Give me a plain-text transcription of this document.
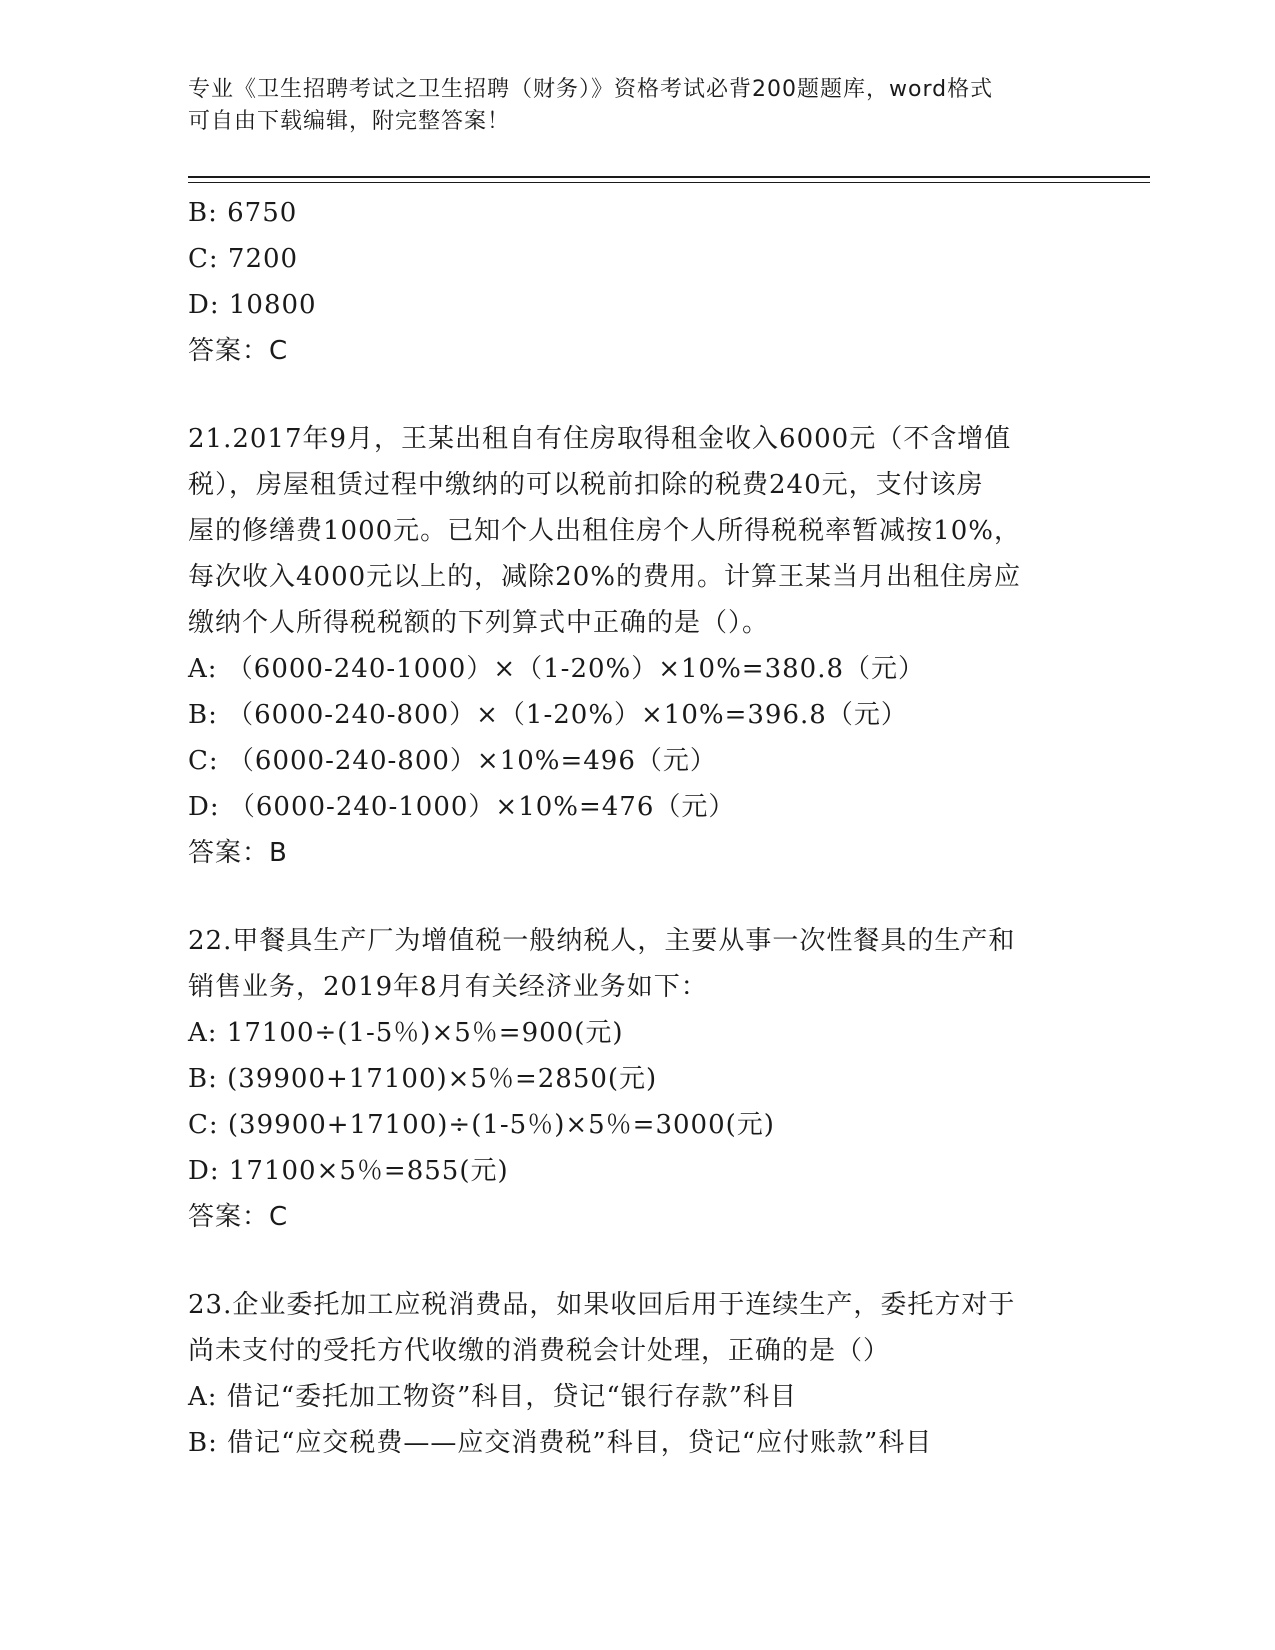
专业《卫生招聘考试之卫生招聘（财务）》资格考试必背200题题库，word格式
可自由下载编辑，附完整答案！
B: 6750
C: 7200
D: 10800
答案：C
21.2017年9月，王某出租自有住房取得租金收入6000元（不含增值
税），房屋租赁过程中缴纳的可以税前扣除的税费240元，支付该房
屋的修缮费1000元。已知个人出租住房个人所得税税率暂减按10%，
每次收入4000元以上的，减除20%的费用。计算王某当月出租住房应
缴纳个人所得税税额的下列算式中正确的是（）。
A: （6000-240-1000）×（1-20%）×10%=380.8（元）
B: （6000-240-800）×（1-20%）×10%=396.8（元）
C: （6000-240-800）×10%=496（元）
D: （6000-240-1000）×10%=476（元）
答案：B
22.甲餐具生产厂为增值税一般纳税人，主要从事一次性餐具的生产和
销售业务，2019年8月有关经济业务如下：
A: 17100÷(1-5％)×5％=900(元)
B: (39900+17100)×5％=2850(元)
C: (39900+17100)÷(1-5％)×5％=3000(元)
D: 17100×5％=855(元)
答案：C
23.企业委托加工应税消费品，如果收回后用于连续生产，委托方对于
尚未支付的受托方代收缴的消费税会计处理，正确的是（）
A: 借记“委托加工物资”科目，贷记“银行存款”科目
B: 借记“应交税费——应交消费税”科目，贷记“应付账款”科目
